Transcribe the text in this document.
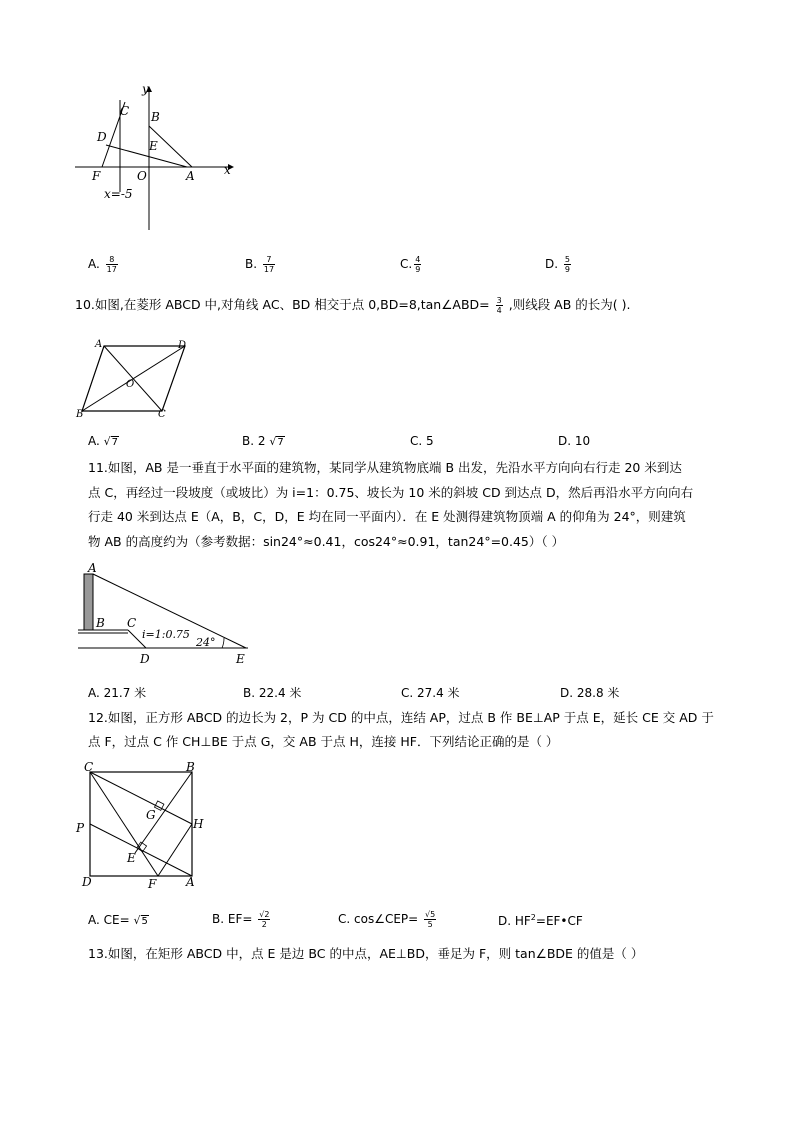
y
x
C B
D
E
F	O	A
x=-5
A. $\frac{8}{17}$	B. $\frac{7}{17}$	C. $\frac{4}{9}$	D. $\frac{5}{9}$
10.如图,在菱形 ABCD 中,对角线 AC、BD 相交于点 0,BD=8,tan∠ABD= $\frac{3}{4}$ ,则线段 AB 的长为( ).
A	D
O
B	C
A. √7	B. 2 √7	C. 5	D. 10
11.如图，AB 是一垂直于水平面的建筑物，某同学从建筑物底端 B 出发，先沿水平方向向右行走 20 米到达
点 C，再经过一段坡度（或坡比）为 i=1：0.75、坡长为 10 米的斜坡 CD 到达点 D，然后再沿水平方向向右
行走 40 米到达点 E（A，B，C，D，E 均在同一平面内）．在 E 处测得建筑物顶端 A 的仰角为 24°，则建筑
物 AB 的高度约为（参考数据：sin24°≈0.41，cos24°≈0.91，tan24°=0.45）（ ）
A
B C
D	E
i=1:0.75
24°
A. 21.7 米	B. 22.4 米	C. 27.4 米	D. 28.8 米
12.如图，正方形 ABCD 的边长为 2，P 为 CD 的中点，连结 AP，过点 B 作 BE⊥AP 于点 E，延长 CE 交 AD 于
点 F，过点 C 作 CH⊥BE 于点 G，交 AB 于点 H，连接 HF．下列结论正确的是（ ）
C	B
G
P	H
E
D	F A
A. CE= √5	B. $EF= \frac{√2}{2}$	C. cos∠CEP= $\frac{√5}{5}$	D. $HF^2=EF•CF$
13.如图，在矩形 ABCD 中，点 E 是边 BC 的中点，AE⊥BD，垂足为 F，则 tan∠BDE 的值是（ ）
